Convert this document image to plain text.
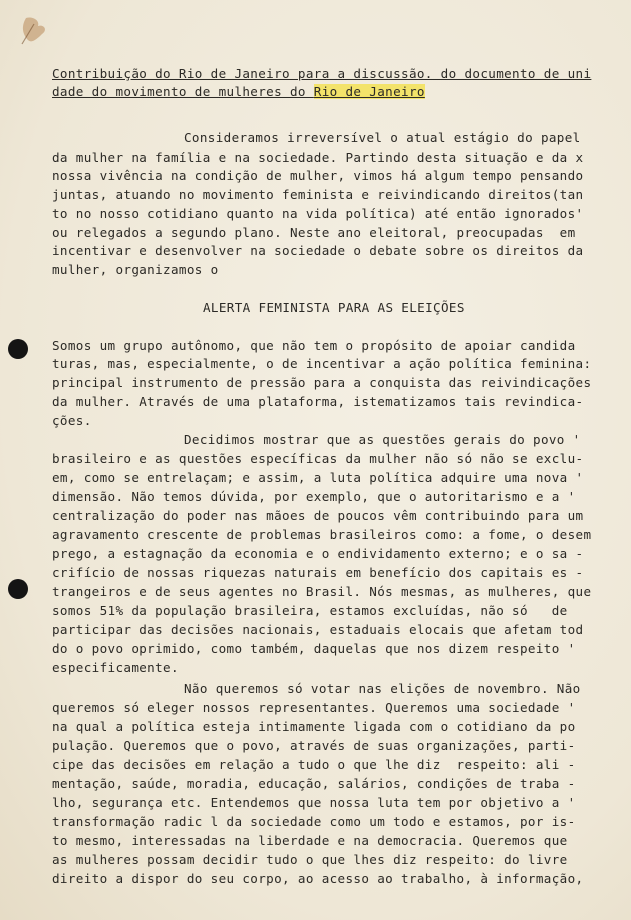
Contribuição do Rio de Janeiro para a discussão. do documento de uni
dade do movimento de mulheres do Rio de Janeiro
Consideramos irreversível o atual estágio do papel
da mulher na família e na sociedade. Partindo desta situação e da x
nossa vivência na condição de mulher, vimos há algum tempo pensando
juntas, atuando no movimento feminista e reivindicando direitos(tan
to no nosso cotidiano quanto na vida política) até então ignorados'
ou relegados a segundo plano. Neste ano eleitoral, preocupadas  em
incentivar e desenvolver na sociedade o debate sobre os direitos da
mulher, organizamos o
ALERTA FEMINISTA PARA AS ELEIÇÕES
Somos um grupo autônomo, que não tem o propósito de apoiar candida
turas, mas, especialmente, o de incentivar a ação política feminina:
principal instrumento de pressão para a conquista das reivindicações
da mulher. Através de uma plataforma, istematizamos tais revindica-
ções.
Decidimos mostrar que as questões gerais do povo '
brasileiro e as questões específicas da mulher não só não se exclu-
em, como se entrelaçam; e assim, a luta política adquire uma nova '
dimensão. Não temos dúvida, por exemplo, que o autoritarismo e a '
centralização do poder nas mãoes de poucos vêm contribuindo para um
agravamento crescente de problemas brasileiros como: a fome, o desem
prego, a estagnação da economia e o endividamento externo; e o sa -
crifício de nossas riquezas naturais em benefício dos capitais es -
trangeiros e de seus agentes no Brasil. Nós mesmas, as mulheres, que
somos 51% da população brasileira, estamos excluídas, não só   de
participar das decisões nacionais, estaduais elocais que afetam tod
do o povo oprimido, como também, daquelas que nos dizem respeito '
especificamente.
Não queremos só votar nas elições de novembro. Não
queremos só eleger nossos representantes. Queremos uma sociedade '
na qual a política esteja intimamente ligada com o cotidiano da po
pulação. Queremos que o povo, através de suas organizações, parti-
cipe das decisões em relação a tudo o que lhe diz  respeito: ali -
mentação, saúde, moradia, educação, salários, condições de traba -
lho, segurança etc. Entendemos que nossa luta tem por objetivo a '
transformação radic l da sociedade como um todo e estamos, por is-
to mesmo, interessadas na liberdade e na democracia. Queremos que
as mulheres possam decidir tudo o que lhes diz respeito: do livre
direito a dispor do seu corpo, ao acesso ao trabalho, à informação,
